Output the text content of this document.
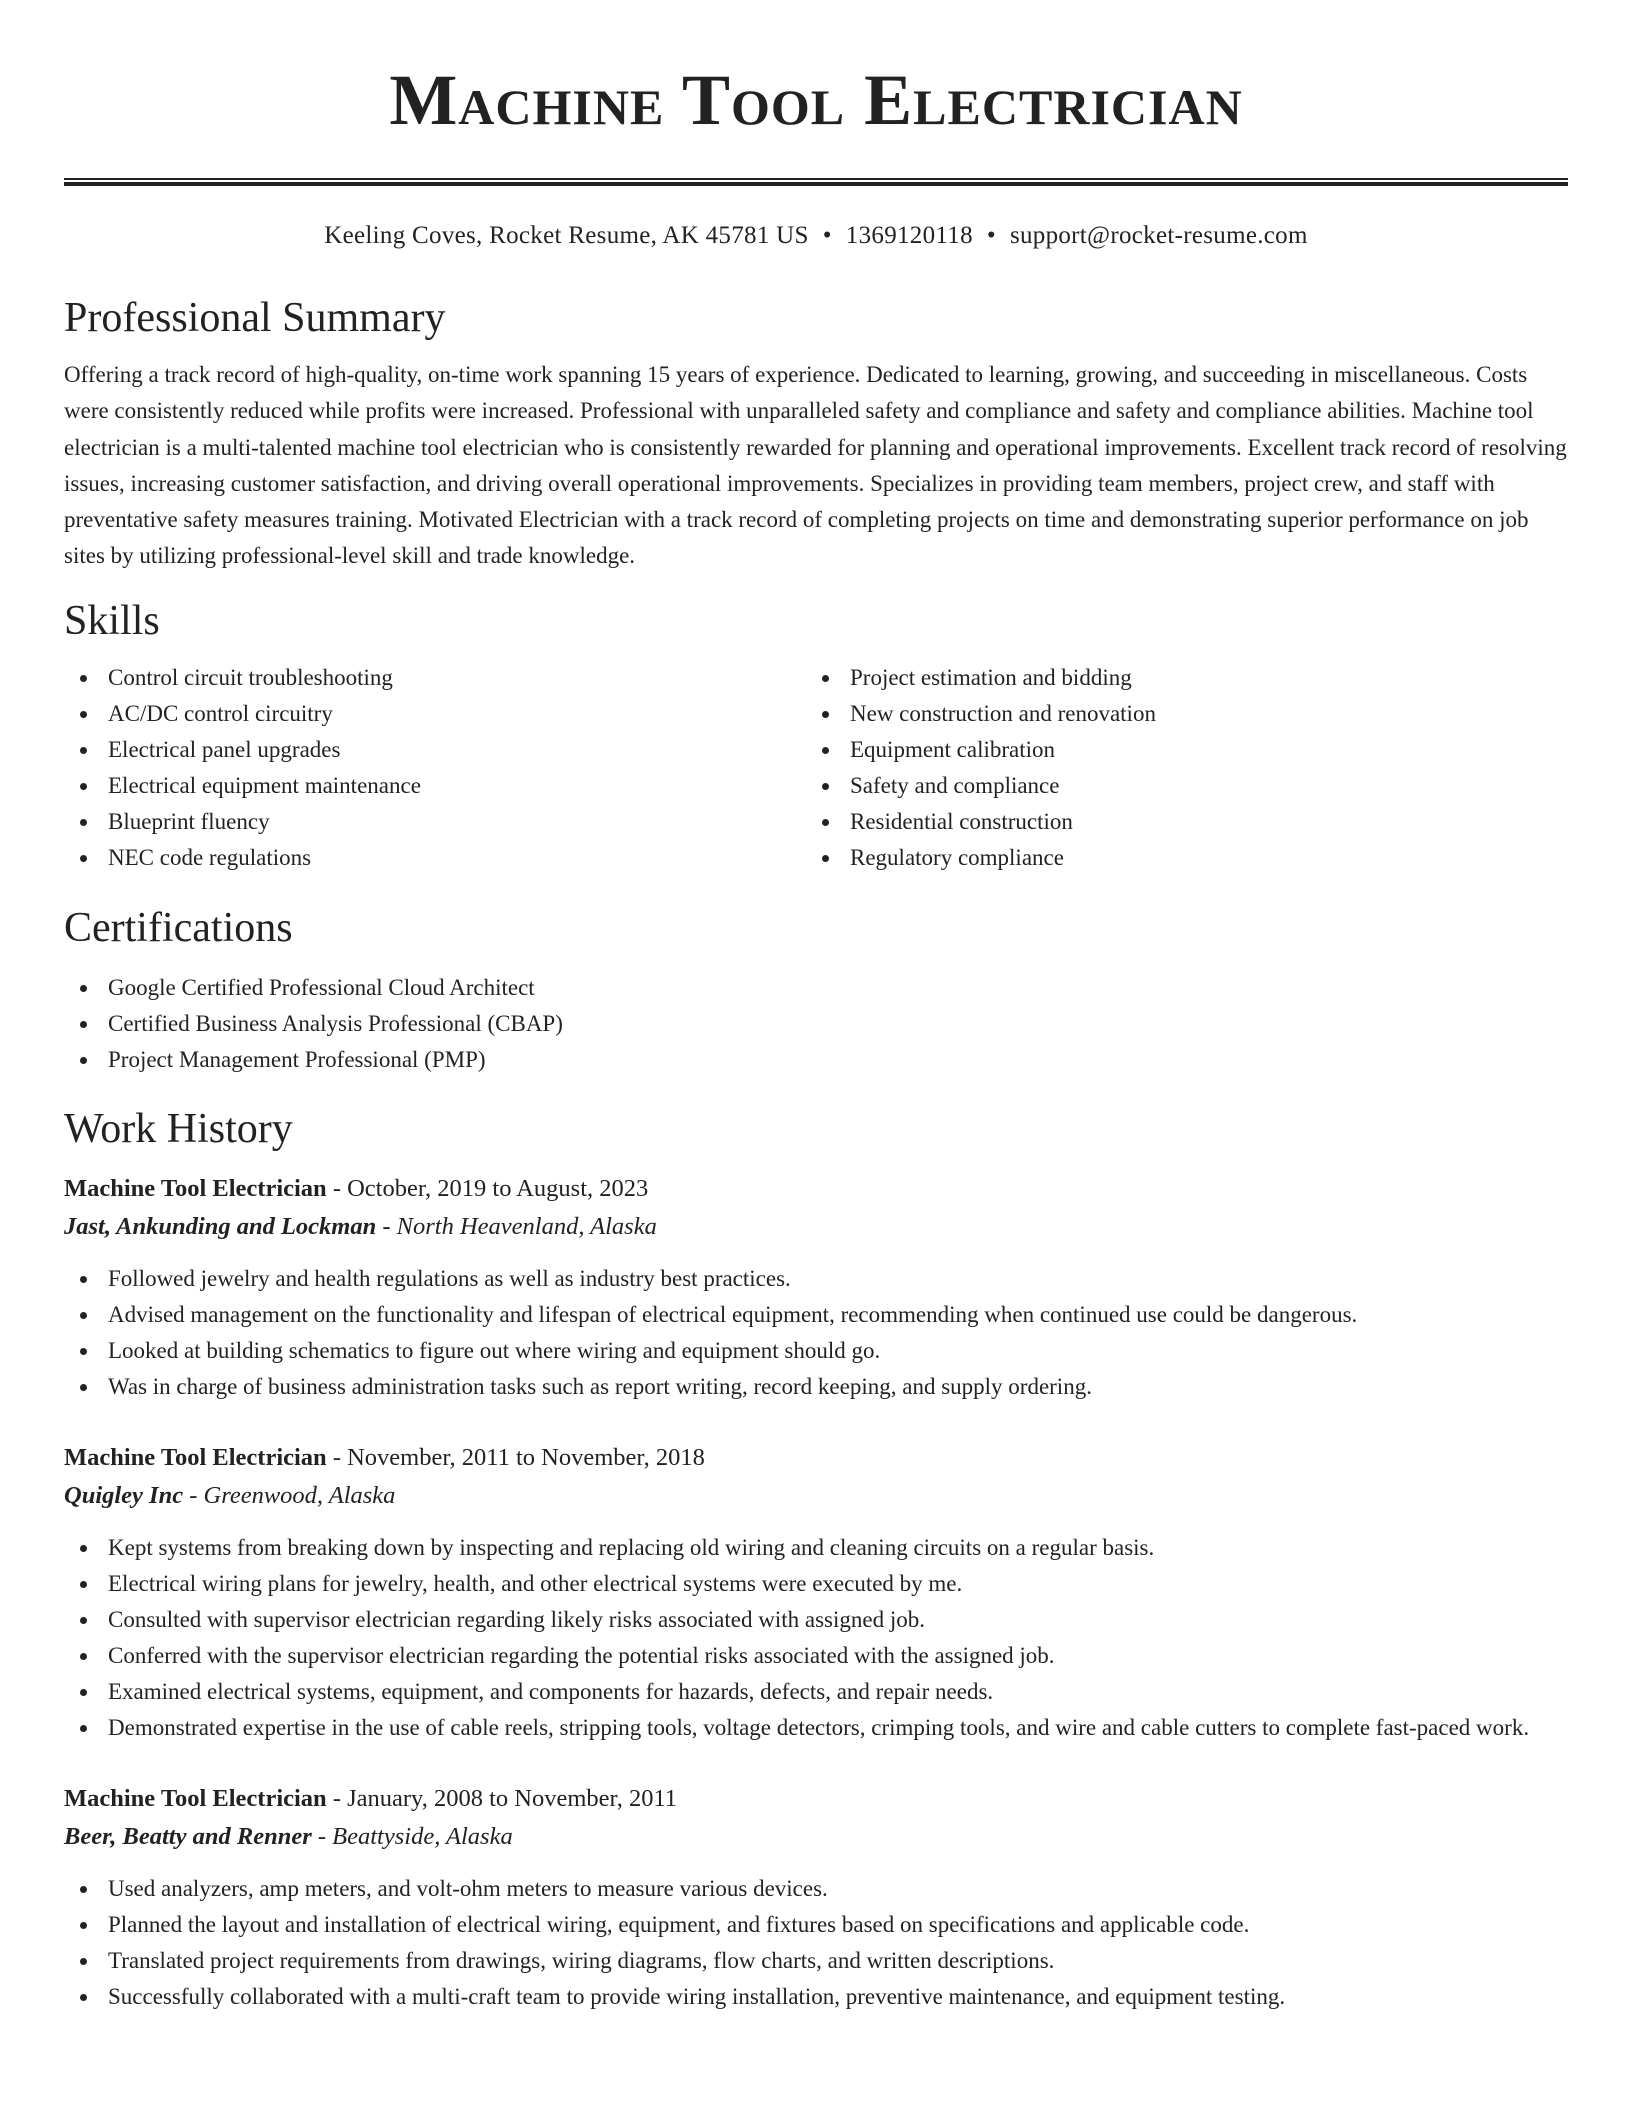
Machine Tool Electrician
Keeling Coves, Rocket Resume, AK 45781 US • 1369120118 • support@rocket-resume.com
Professional Summary

Offering a track record of high-quality, on-time work spanning 15 years of experience. Dedicated to learning, growing, and succeeding in miscellaneous. Costs were consistently reduced while profits were increased. Professional with unparalleled safety and compliance and safety and compliance abilities. Machine tool electrician is a multi-talented machine tool electrician who is consistently rewarded for planning and operational improvements. Excellent track record of resolving issues, increasing customer satisfaction, and driving overall operational improvements. Specializes in providing team members, project crew, and staff with preventative safety measures training. Motivated Electrician with a track record of completing projects on time and demonstrating superior performance on job sites by utilizing professional-level skill and trade knowledge.

Skills
Control circuit troubleshooting
AC/DC control circuitry
Electrical panel upgrades
Electrical equipment maintenance
Blueprint fluency
NEC code regulations
Project estimation and bidding
New construction and renovation
Equipment calibration
Safety and compliance
Residential construction
Regulatory compliance
Certifications
Google Certified Professional Cloud Architect
Certified Business Analysis Professional (CBAP)
Project Management Professional (PMP)
Work History
Machine Tool Electrician - October, 2019 to August, 2023
Jast, Ankunding and Lockman - North Heavenland, Alaska
Followed jewelry and health regulations as well as industry best practices.
Advised management on the functionality and lifespan of electrical equipment, recommending when continued use could be dangerous.
Looked at building schematics to figure out where wiring and equipment should go.
Was in charge of business administration tasks such as report writing, record keeping, and supply ordering.
Machine Tool Electrician - November, 2011 to November, 2018
Quigley Inc - Greenwood, Alaska
Kept systems from breaking down by inspecting and replacing old wiring and cleaning circuits on a regular basis.
Electrical wiring plans for jewelry, health, and other electrical systems were executed by me.
Consulted with supervisor electrician regarding likely risks associated with assigned job.
Conferred with the supervisor electrician regarding the potential risks associated with the assigned job.
Examined electrical systems, equipment, and components for hazards, defects, and repair needs.
Demonstrated expertise in the use of cable reels, stripping tools, voltage detectors, crimping tools, and wire and cable cutters to complete fast-paced work.
Machine Tool Electrician - January, 2008 to November, 2011
Beer, Beatty and Renner - Beattyside, Alaska
Used analyzers, amp meters, and volt-ohm meters to measure various devices.
Planned the layout and installation of electrical wiring, equipment, and fixtures based on specifications and applicable code.
Translated project requirements from drawings, wiring diagrams, flow charts, and written descriptions.
Successfully collaborated with a multi-craft team to provide wiring installation, preventive maintenance, and equipment testing.
